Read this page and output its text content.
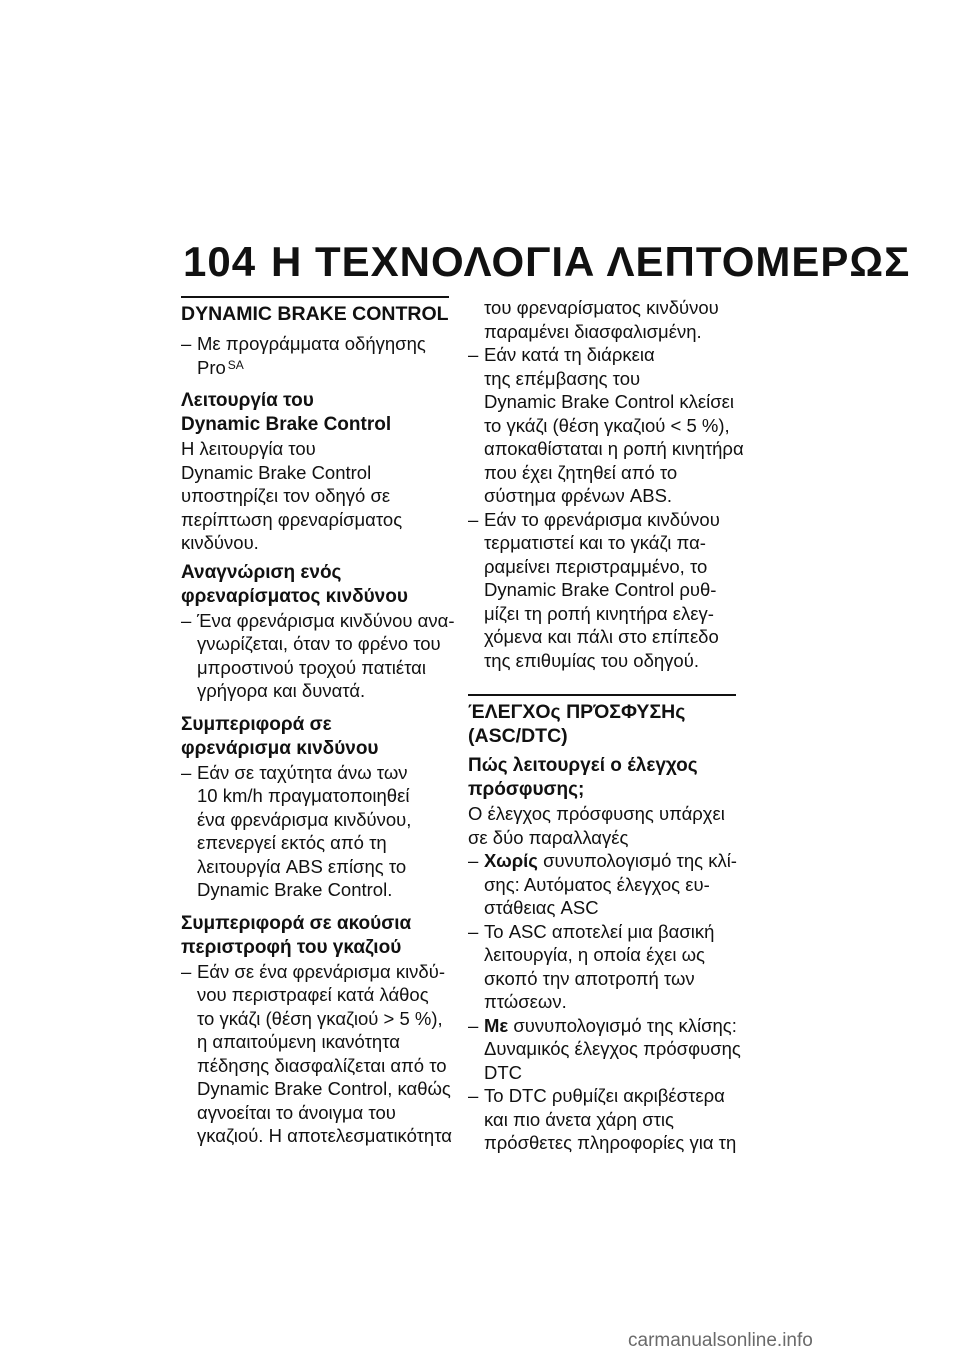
104 Η ΤΕΧΝΟΛΟΓΙΑ ΛΕΠΤΟΜΕΡΩΣ
DYNAMIC BRAKE CONTROL
– Με προγράμματα οδήγησης
Pro $^{SA}$
Λειτουργία του
Dynamic Brake Control
Η λειτουργία του
Dynamic Brake Control
υποστηρίζει τον οδηγό σε
περίπτωση φρεναρίσματος
κινδύνου.
Αναγνώριση ενός
φρεναρίσματος κινδύνου
– Ένα φρενάρισμα κινδύνου ανα-
γνωρίζεται, όταν το φρένο του
μπροστινού τροχού πατιέται
γρήγορα και δυνατά.
Συμπεριφορά σε
φρενάρισμα κινδύνου
– Εάν σε ταχύτητα άνω των
10 km/h πραγματοποιηθεί
ένα φρενάρισμα κινδύνου,
επενεργεί εκτός από τη
λειτουργία ABS επίσης το
Dynamic Brake Control.
Συμπεριφορά σε ακούσια
περιστροφή του γκαζιού
– Εάν σε ένα φρενάρισμα κινδύ-
νου περιστραφεί κατά λάθος
το γκάζι (θέση γκαζιού > 5 %),
η απαιτούμενη ικανότητα
πέδησης διασφαλίζεται από το
Dynamic Brake Control, καθώς
αγνοείται το άνοιγμα του
γκαζιού. Η αποτελεσματικότητα
του φρεναρίσματος κινδύνου
παραμένει διασφαλισμένη.
– Εάν κατά τη διάρκεια
της επέμβασης του
Dynamic Brake Control κλείσει
το γκάζι (θέση γκαζιού < 5 %),
αποκαθίσταται η ροπή κινητήρα
που έχει ζητηθεί από το
σύστημα φρένων ABS.
– Εάν το φρενάρισμα κινδύνου
τερματιστεί και το γκάζι πα-
ραμείνει περιστραμμένο, το
Dynamic Brake Control ρυθ-
μίζει τη ροπή κινητήρα ελεγ-
χόμενα και πάλι στο επίπεδο
της επιθυμίας του οδηγού.
ΈΛΕΓΧΟς ΠΡΌΣΦΥΣΗς
(ASC/DTC)
Πώς λειτουργεί ο έλεγχος
πρόσφυσης;
Ο έλεγχος πρόσφυσης υπάρχει
σε δύο παραλλαγές
– Χωρίς συνυπολογισμό της κλί-
σης: Αυτόματος έλεγχος ευ-
στάθειας ASC
– Το ASC αποτελεί μια βασική
λειτουργία, η οποία έχει ως
σκοπό την αποτροπή των
πτώσεων.
– Με συνυπολογισμό της κλίσης:
Δυναμικός έλεγχος πρόσφυσης
DTC
– Το DTC ρυθμίζει ακριβέστερα
και πιο άνετα χάρη στις
πρόσθετες πληροφορίες για τη
carmanualsonline.info
